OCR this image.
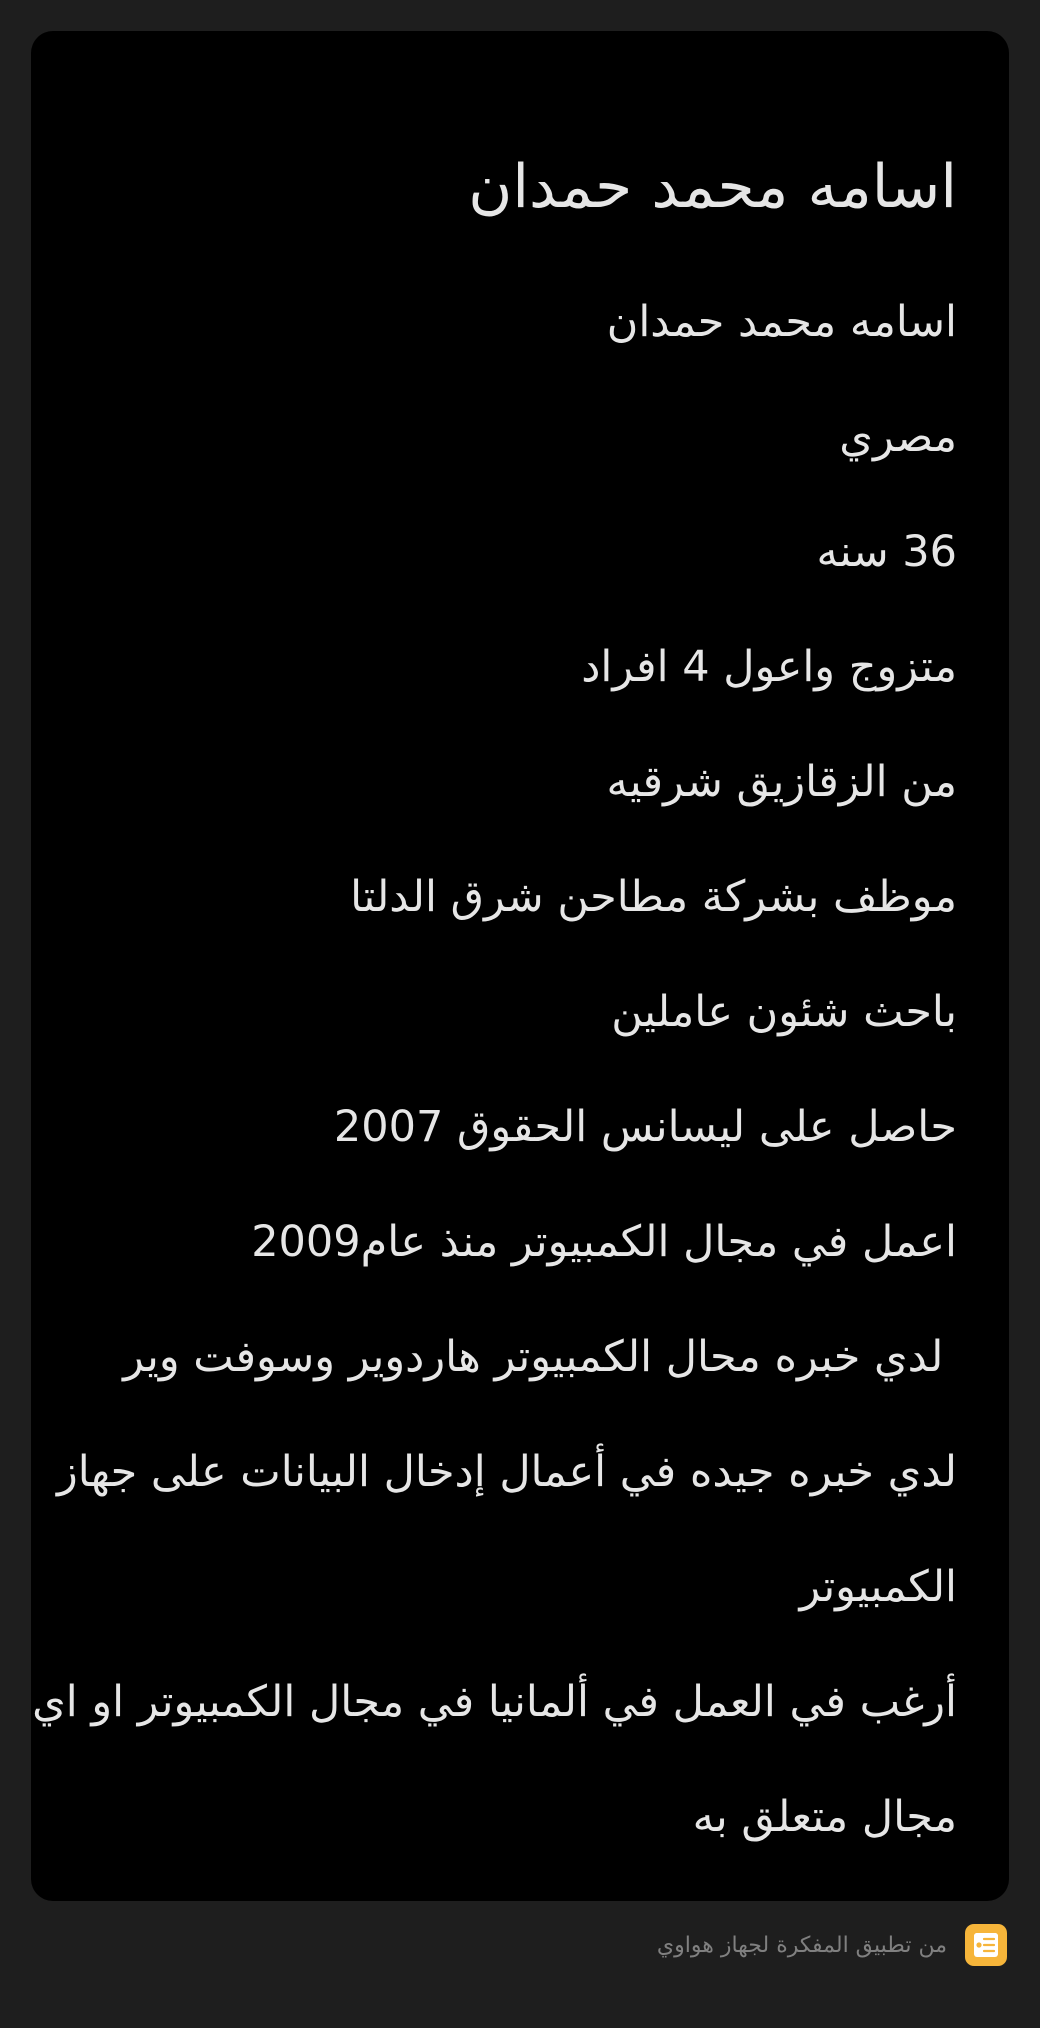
اسامه محمد حمدان
اسامه محمد حمدان
مصري
36 سنه
متزوج واعول 4 افراد
من الزقازيق شرقيه
موظف بشركة مطاحن شرق الدلتا
باحث شئون عاملين
حاصل على ليسانس الحقوق 2007
اعمل في مجال الكمبيوتر منذ عام2009
لدي خبره محال الكمبيوتر هاردوير وسوفت وير
لدي خبره جيده في أعمال إدخال البيانات على جهاز
الكمبيوتر
أرغب في العمل في ألمانيا في مجال الكمبيوتر او اي
مجال متعلق به
من تطبيق المفكرة لجهاز هواوي
